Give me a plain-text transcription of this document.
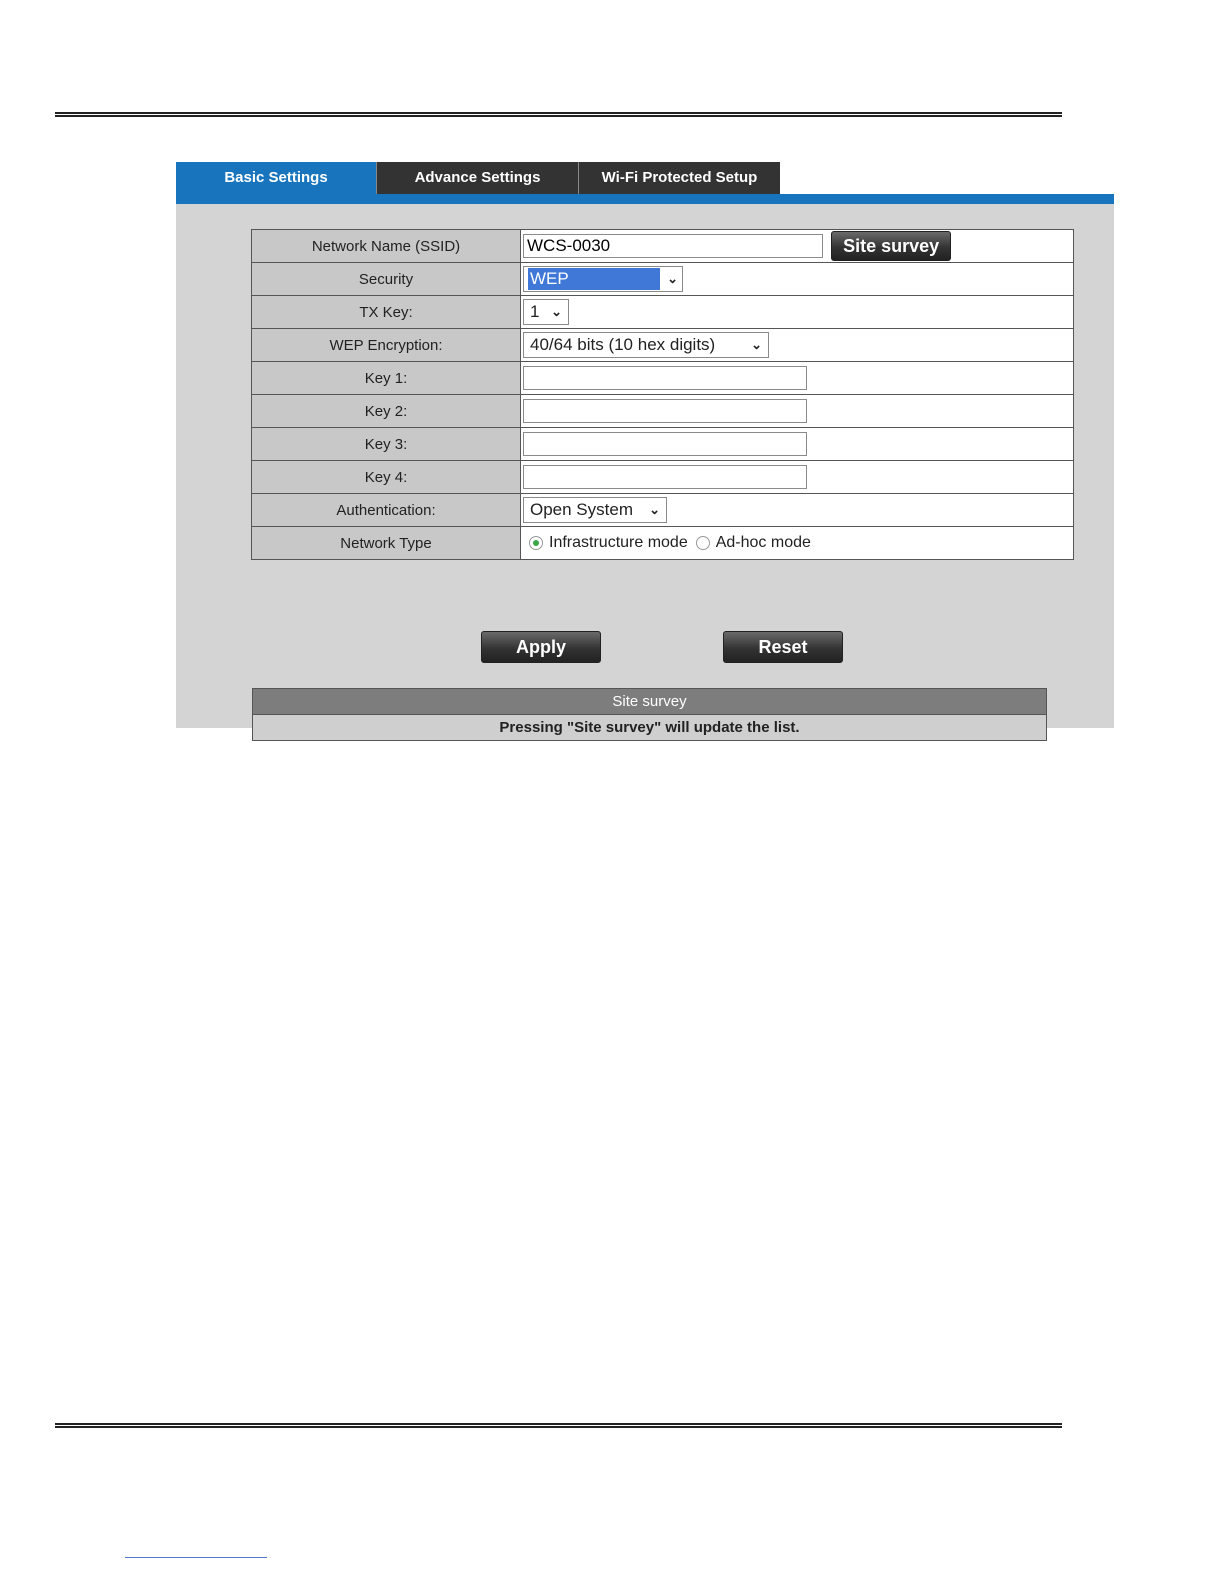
Basic Settings	Advance Settings	Wi-Fi Protected Setup
Network Name (SSID)	WCS-0030Site survey
Security	WEP ⌄

TX Key:	1 ⌄

WEP Encryption:	40/64 bits (10 hex digits) ⌄

Key 1:	
Key 2:	
Key 3:	
Key 4:	
Authentication:	Open System ⌄

Network Type	Infrastructure mode Ad-hoc mode
Apply	Reset
Site survey
Pressing "Site survey" will update the list.
